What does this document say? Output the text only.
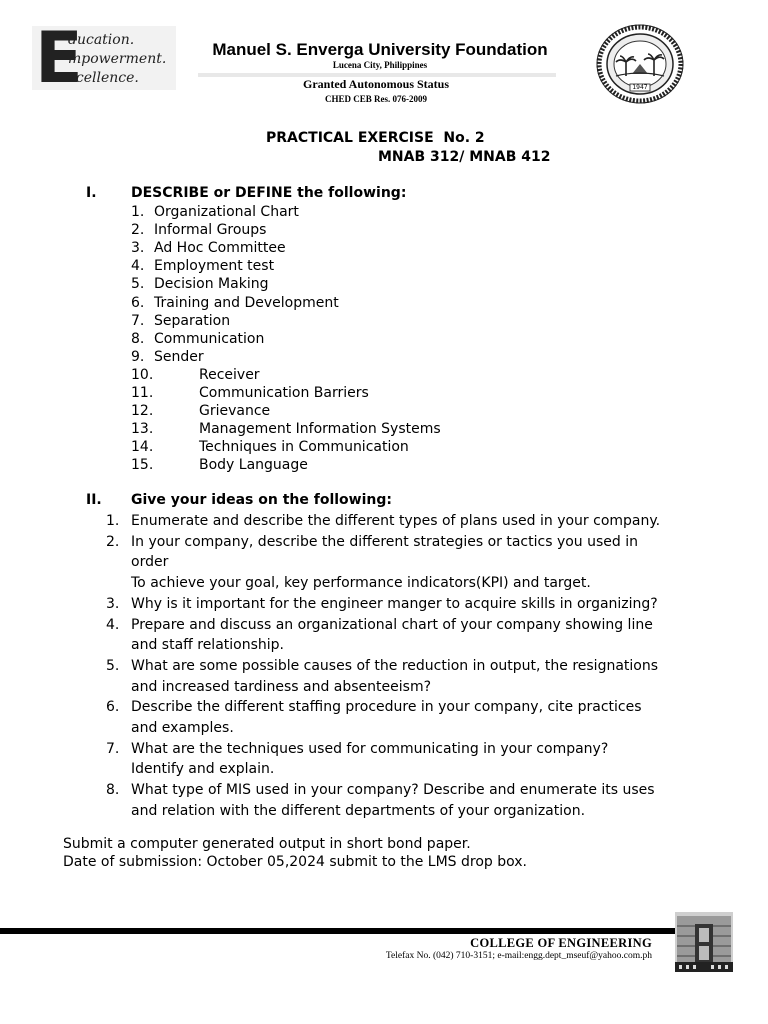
E
ducation.
mpowerment.
xcellence.
Manuel S. Enverga University Foundation
Lucena City, Philippines
Granted Autonomous Status
CHED CEB Res. 076-2009
1947
PRACTICAL EXERCISE  No. 2
MNAB 312/ MNAB 412
I. DESCRIBE or DEFINE the following:
1. Organizational Chart
2. Informal Groups
3. Ad Hoc Committee
4. Employment test
5. Decision Making
6. Training and Development
7. Separation
8. Communication
9. Sender
10.	Receiver
11.	Communication Barriers
12.	Grievance
13.	Management Information Systems
14.	Techniques in Communication
15.	Body Language
II. Give your ideas on the following:
1. Enumerate and describe the different types of plans used in your company.
2. In your company, describe the different strategies or tactics you used in
order
To achieve your goal, key performance indicators(KPI) and target.
3. Why is it important for the engineer manger to acquire skills in organizing?
4. Prepare and discuss an organizational chart of your company showing line
and staff relationship.
5. What are some possible causes of the reduction in output, the resignations
and increased tardiness and absenteeism?
6. Describe the different staffing procedure in your company, cite practices
and examples.
7. What are the techniques used for communicating in your company?
Identify and explain.
8. What type of MIS used in your company? Describe and enumerate its uses
and relation with the different departments of your organization.
Submit a computer generated output in short bond paper.
Date of submission: October 05,2024 submit to the LMS drop box.
COLLEGE OF ENGINEERING
Telefax No. (042) 710-3151; e-mail:engg.dept_mseuf@yahoo.com.ph
